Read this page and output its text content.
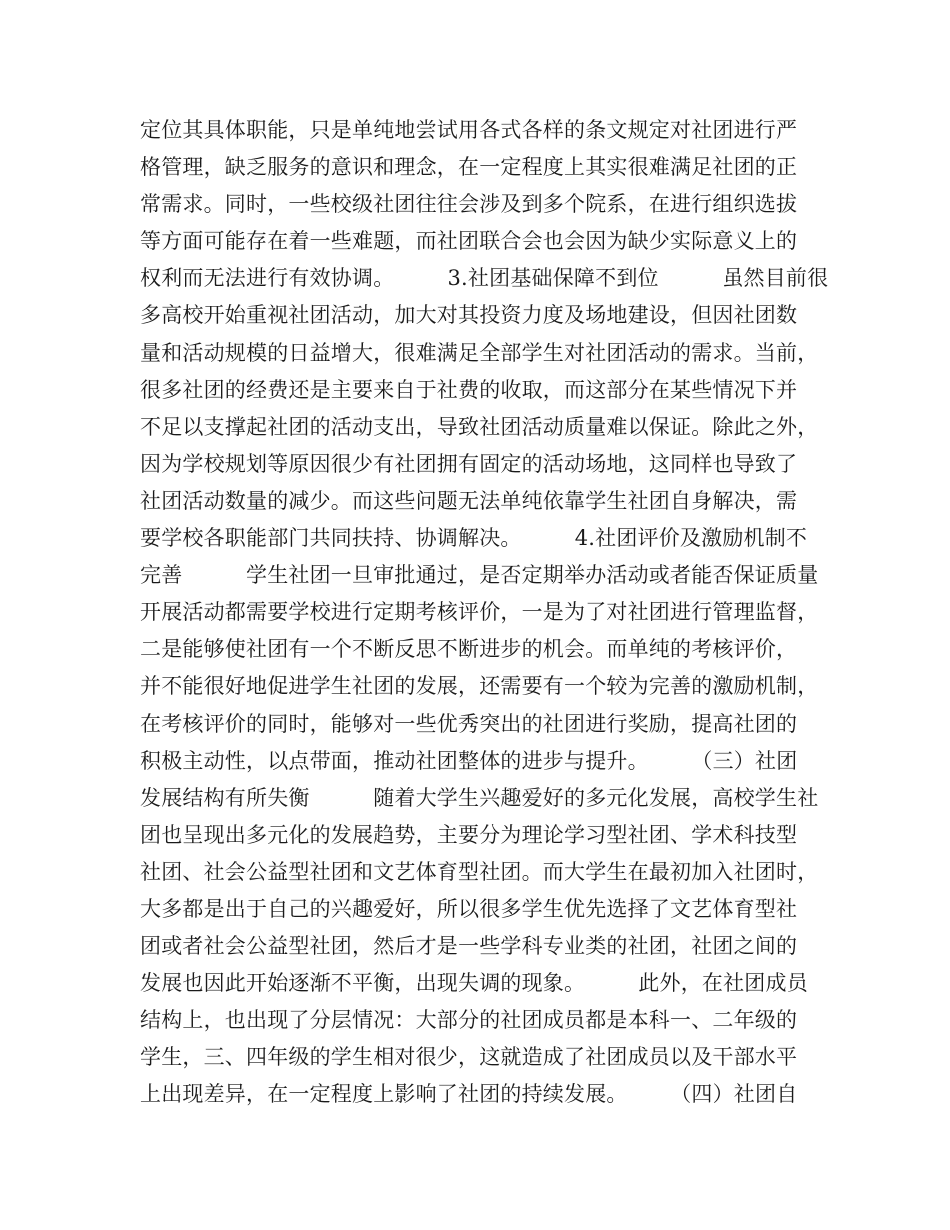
定位其具体职能，只是单纯地尝试用各式各样的条文规定对社团进行严
格管理，缺乏服务的意识和理念，在一定程度上其实很难满足社团的正
常需求。同时，一些校级社团往往会涉及到多个院系，在进行组织选拔
等方面可能存在着一些难题，而社团联合会也会因为缺少实际意义上的
权利而无法进行有效协调。　　　3.社团基础保障不到位　　　虽然目前很
多高校开始重视社团活动，加大对其投资力度及场地建设，但因社团数
量和活动规模的日益增大，很难满足全部学生对社团活动的需求。当前，
很多社团的经费还是主要来自于社费的收取，而这部分在某些情况下并
不足以支撑起社团的活动支出，导致社团活动质量难以保证。除此之外，
因为学校规划等原因很少有社团拥有固定的活动场地，这同样也导致了
社团活动数量的减少。而这些问题无法单纯依靠学生社团自身解决，需
要学校各职能部门共同扶持、协调解决。　　　4.社团评价及激励机制不
完善　　　学生社团一旦审批通过，是否定期举办活动或者能否保证质量
开展活动都需要学校进行定期考核评价，一是为了对社团进行管理监督，
二是能够使社团有一个不断反思不断进步的机会。而单纯的考核评价，
并不能很好地促进学生社团的发展，还需要有一个较为完善的激励机制，
在考核评价的同时，能够对一些优秀突出的社团进行奖励，提高社团的
积极主动性，以点带面，推动社团整体的进步与提升。　　　（三）社团
发展结构有所失衡　　　随着大学生兴趣爱好的多元化发展，高校学生社
团也呈现出多元化的发展趋势，主要分为理论学习型社团、学术科技型
社团、社会公益型社团和文艺体育型社团。而大学生在最初加入社团时，
大多都是出于自己的兴趣爱好，所以很多学生优先选择了文艺体育型社
团或者社会公益型社团，然后才是一些学科专业类的社团，社团之间的
发展也因此开始逐渐不平衡，出现失调的现象。　　　此外，在社团成员
结构上，也出现了分层情况：大部分的社团成员都是本科一、二年级的
学生，三、四年级的学生相对很少，这就造成了社团成员以及干部水平
上出现差异，在一定程度上影响了社团的持续发展。　　　（四）社团自
